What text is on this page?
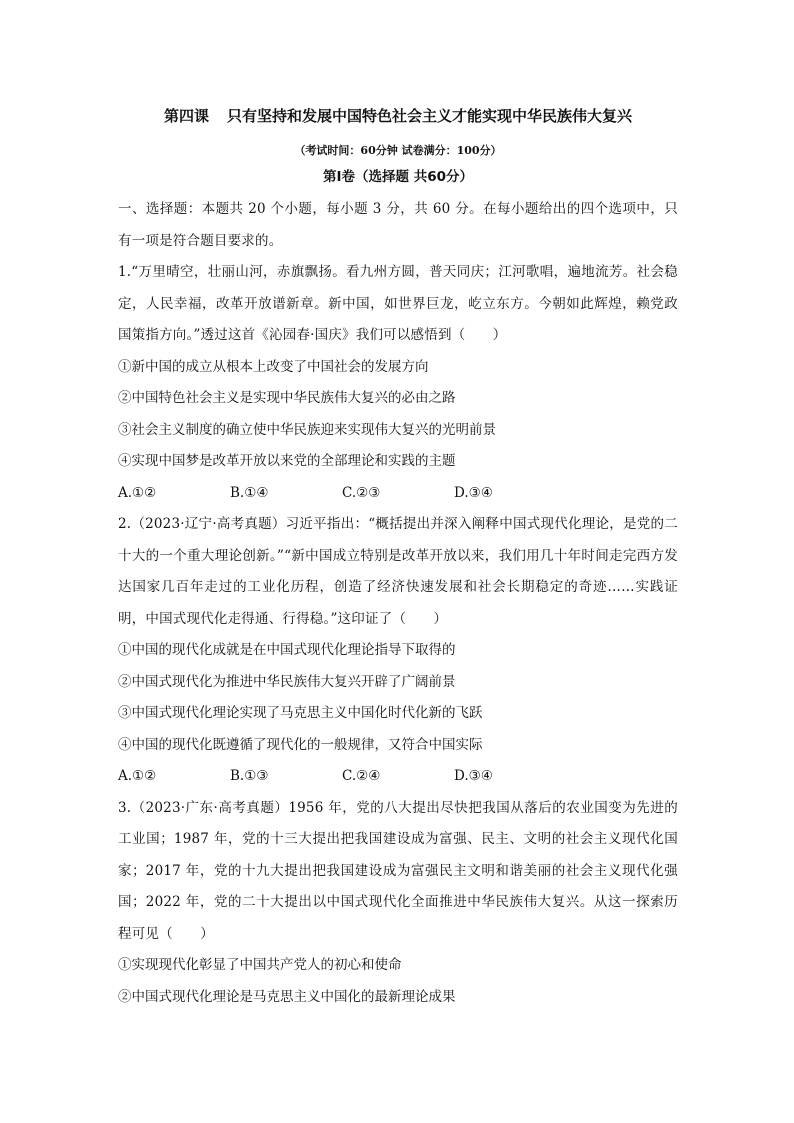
第四课 只有坚持和发展中国特色社会主义才能实现中华民族伟大复兴
（考试时间：60分钟 试卷满分：100分）
第Ⅰ卷（选择题 共60分）

一、选择题：本题共 20 个小题，每小题 3 分，共 60 分。在每小题给出的四个选项中，只有一项是符合题目要求的。

1.“万里晴空，壮丽山河，赤旗飘扬。看九州方圆，普天同庆；江河歌唱，遍地流芳。社会稳定，人民幸福，改革开放谱新章。新中国，如世界巨龙，屹立东方。今朝如此辉煌，赖党政国策指方向。”透过这首《沁园春·国庆》我们可以感悟到（　　）

①新中国的成立从根本上改变了中国社会的发展方向

②中国特色社会主义是实现中华民族伟大复兴的必由之路

③社会主义制度的确立使中华民族迎来实现伟大复兴的光明前景

④实现中国梦是改革开放以来党的全部理论和实践的主题

A.①②	B.①④	C.②③	D.③④

2.（2023·辽宁·高考真题）习近平指出：“概括提出并深入阐释中国式现代化理论，是党的二十大的一个重大理论创新。”“新中国成立特别是改革开放以来，我们用几十年时间走完西方发达国家几百年走过的工业化历程，创造了经济快速发展和社会长期稳定的奇迹……实践证明，中国式现代化走得通、行得稳。”这印证了（　　）

①中国的现代化成就是在中国式现代化理论指导下取得的

②中国式现代化为推进中华民族伟大复兴开辟了广阔前景

③中国式现代化理论实现了马克思主义中国化时代化新的飞跃

④中国的现代化既遵循了现代化的一般规律，又符合中国实际

A.①②	B.①③	C.②④	D.③④

3.（2023·广东·高考真题）1956 年，党的八大提出尽快把我国从落后的农业国变为先进的工业国；1987 年，党的十三大提出把我国建设成为富强、民主、文明的社会主义现代化国家；2017 年，党的十九大提出把我国建设成为富强民主文明和谐美丽的社会主义现代化强国；2022 年，党的二十大提出以中国式现代化全面推进中华民族伟大复兴。从这一探索历程可见（　　）

①实现现代化彰显了中国共产党人的初心和使命

②中国式现代化理论是马克思主义中国化的最新理论成果
